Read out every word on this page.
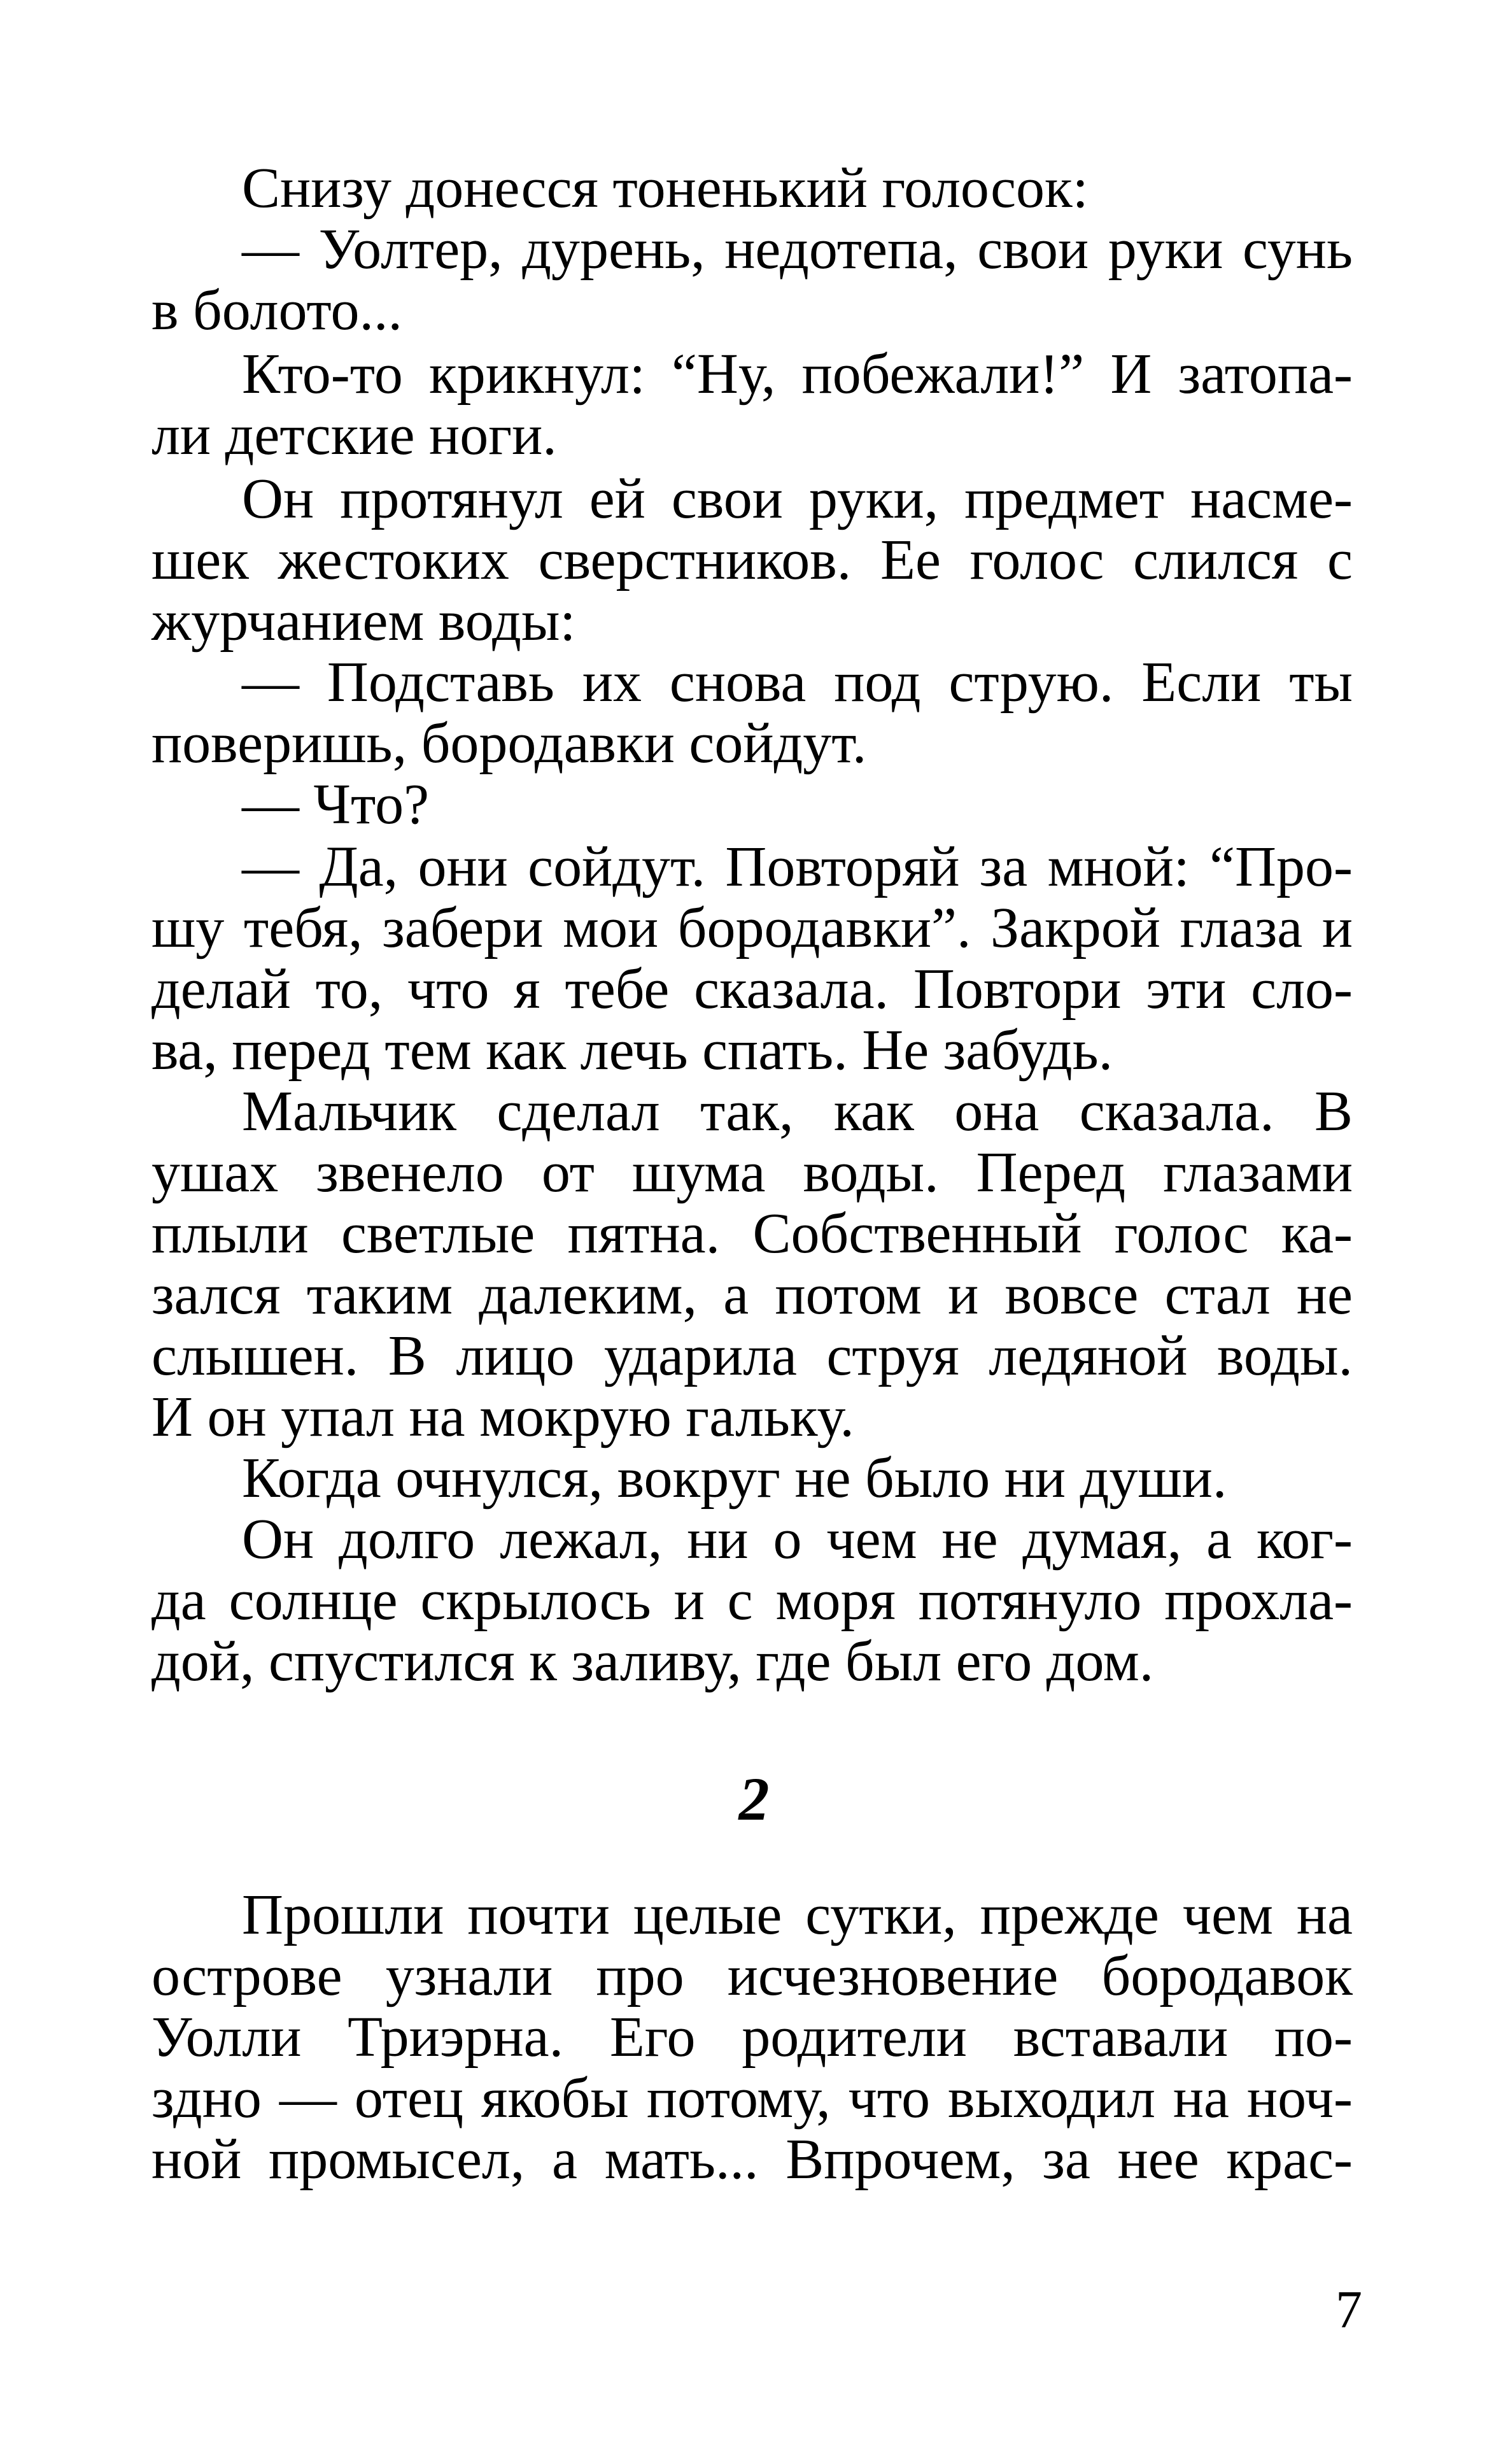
Снизу донесся тоненький голосок:
— Уолтер, дурень, недотепа, свои руки сунь
в болото...
Кто-то крикнул: “Ну, побежали!” И затопа-
ли детские ноги.
Он протянул ей свои руки, предмет насме-
шек жестоких сверстников. Ее голос слился с
журчанием воды:
— Подставь их снова под струю. Если ты
поверишь, бородавки сойдут.
— Что?
— Да, они сойдут. Повторяй за мной: “Про-
шу тебя, забери мои бородавки”. Закрой глаза и
делай то, что я тебе сказала. Повтори эти сло-
ва, перед тем как лечь спать. Не забудь.
Мальчик сделал так, как она сказала. В
ушах звенело от шума воды. Перед глазами
плыли светлые пятна. Собственный голос ка-
зался таким далеким, а потом и вовсе стал не
слышен. В лицо ударила струя ледяной воды.
И он упал на мокрую гальку.
Когда очнулся, вокруг не было ни души.
Он долго лежал, ни о чем не думая, а ког-
да солнце скрылось и с моря потянуло прохла-
дой, спустился к заливу, где был его дом.
2
Прошли почти целые сутки, прежде чем на
острове узнали про исчезновение бородавок
Уолли Триэрна. Его родители вставали по-
здно — отец якобы потому, что выходил на ноч-
ной промысел, а мать... Впрочем, за нее крас-
7
